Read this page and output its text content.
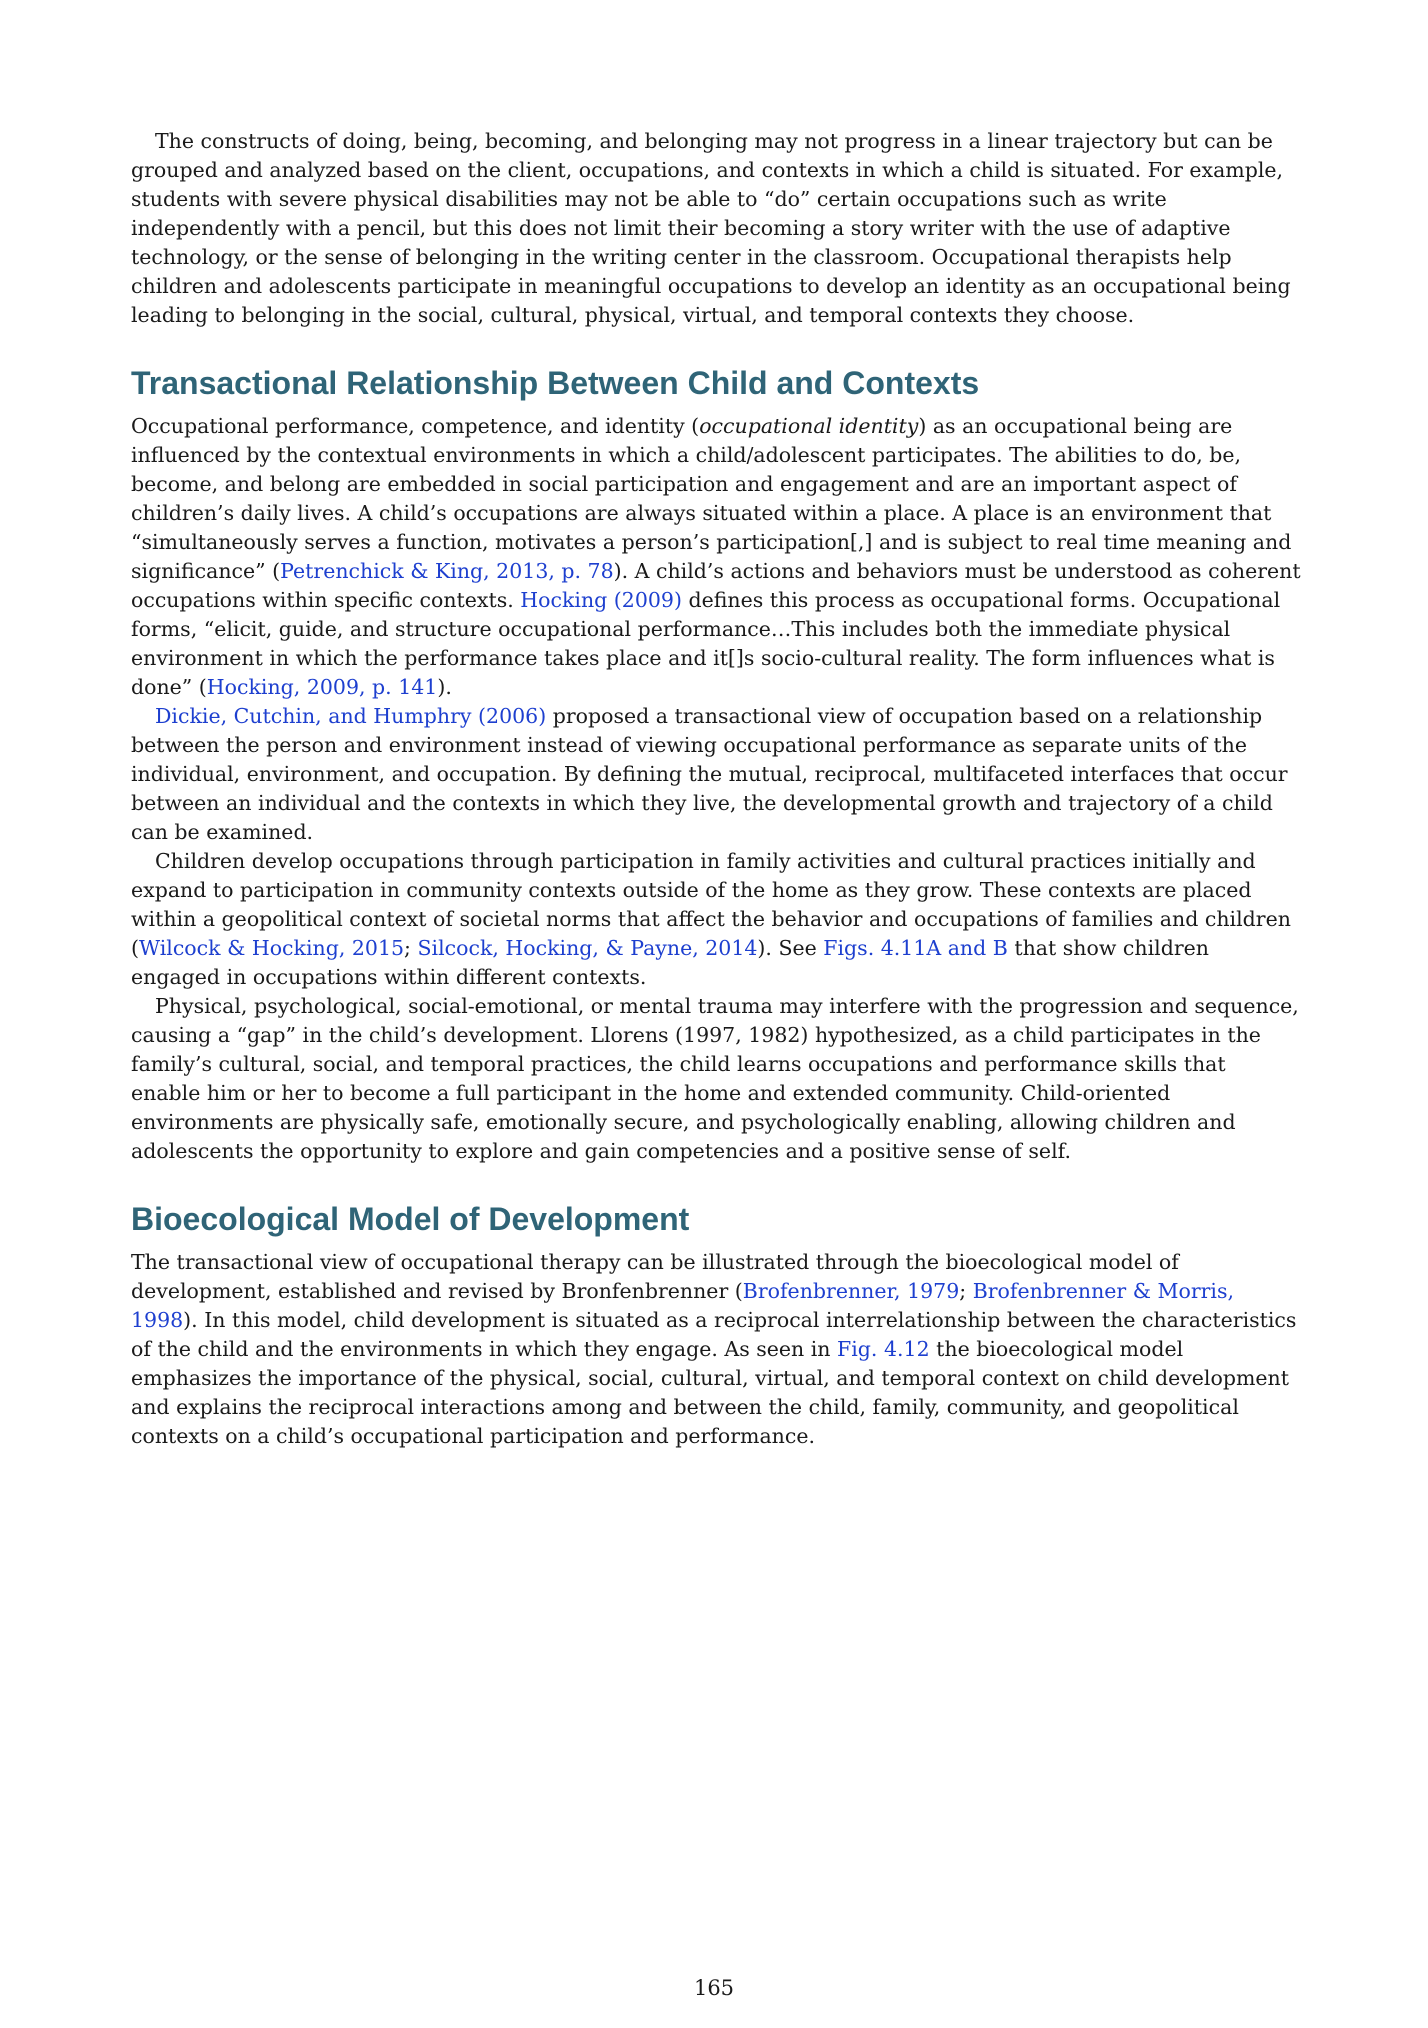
The constructs of doing, being, becoming, and belonging may not progress in a linear trajectory but can be grouped and analyzed based on the client, occupations, and contexts in which a child is situated. For example, students with severe physical disabilities may not be able to “do” certain occupations such as write independently with a pencil, but this does not limit their becoming a story writer with the use of adaptive technology, or the sense of belonging in the writing center in the classroom. Occupational therapists help children and adolescents participate in meaningful occupations to develop an identity as an occupational being leading to belonging in the social, cultural, physical, virtual, and temporal contexts they choose.

Transactional Relationship Between Child and Contexts

Occupational performance, competence, and identity (occupational identity) as an occupational being are influenced by the contextual environments in which a child/adolescent participates. The abilities to do, be, become, and belong are embedded in social participation and engagement and are an important aspect of children’s daily lives. A child’s occupations are always situated within a place. A place is an environment that “simultaneously serves a function, motivates a person’s participation[,] and is subject to real time meaning and significance” (Petrenchick & King, 2013, p. 78). A child’s actions and behaviors must be understood as coherent occupations within specific contexts. Hocking (2009) defines this process as occupational forms. Occupational forms, “elicit, guide, and structure occupational performance…This includes both the immediate physical environment in which the performance takes place and it[]s socio-cultural reality. The form influences what is done” (Hocking, 2009, p. 141).

Dickie, Cutchin, and Humphry (2006) proposed a transactional view of occupation based on a relationship between the person and environment instead of viewing occupational performance as separate units of the individual, environment, and occupation. By defining the mutual, reciprocal, multifaceted interfaces that occur between an individual and the contexts in which they live, the developmental growth and trajectory of a child can be examined.

Children develop occupations through participation in family activities and cultural practices initially and expand to participation in community contexts outside of the home as they grow. These contexts are placed within a geopolitical context of societal norms that affect the behavior and occupations of families and children (Wilcock & Hocking, 2015; Silcock, Hocking, & Payne, 2014). See Figs. 4.11A and B that show children engaged in occupations within different contexts.

Physical, psychological, social-emotional, or mental trauma may interfere with the progression and sequence, causing a “gap” in the child’s development. Llorens (1997, 1982) hypothesized, as a child participates in the family’s cultural, social, and temporal practices, the child learns occupations and performance skills that enable him or her to become a full participant in the home and extended community. Child-oriented environments are physically safe, emotionally secure, and psychologically enabling, allowing children and adolescents the opportunity to explore and gain competencies and a positive sense of self.

Bioecological Model of Development

The transactional view of occupational therapy can be illustrated through the bioecological model of development, established and revised by Bronfenbrenner (Brofenbrenner, 1979; Brofenbrenner & Morris, 1998). In this model, child development is situated as a reciprocal interrelationship between the characteristics of the child and the environments in which they engage. As seen in Fig. 4.12 the bioecological model emphasizes the importance of the physical, social, cultural, virtual, and temporal context on child development and explains the reciprocal interactions among and between the child, family, community, and geopolitical contexts on a child’s occupational participation and performance.

165
